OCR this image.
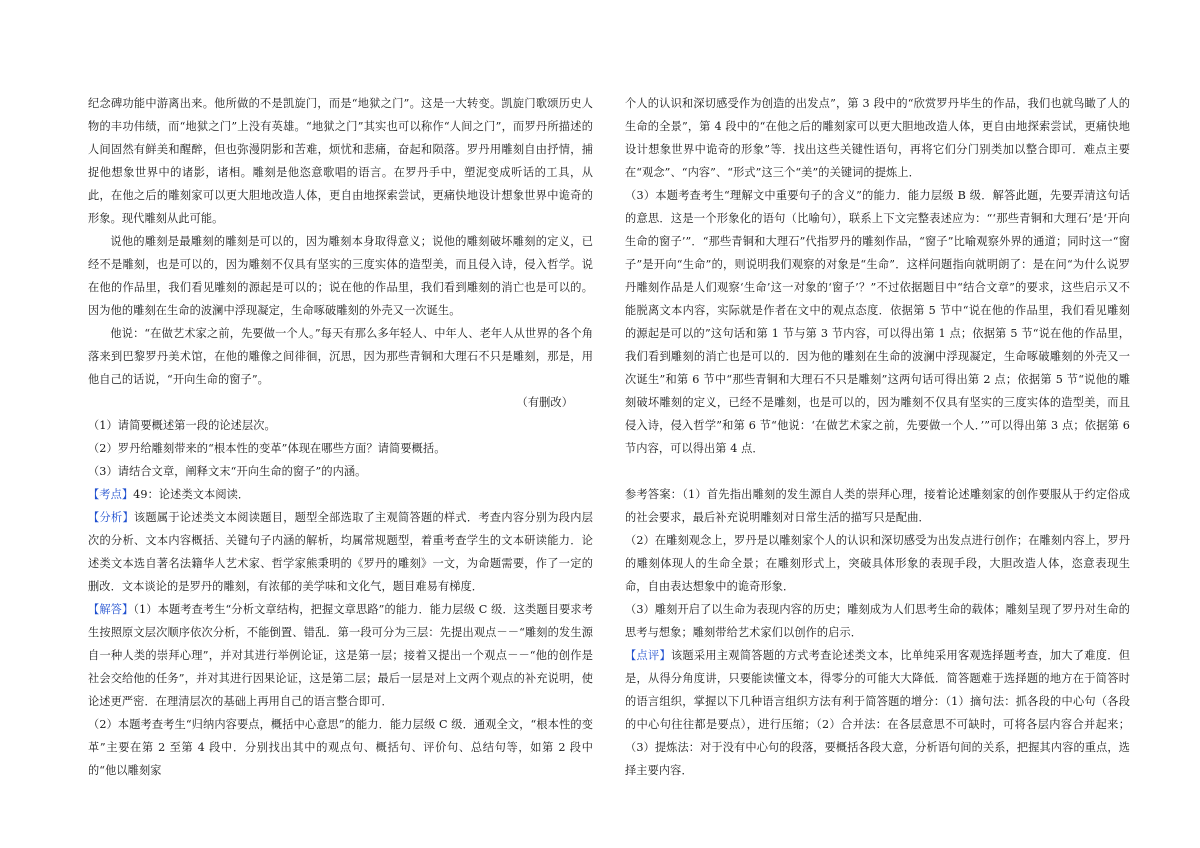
纪念碑功能中游离出来。他所做的不是凯旋门，而是“地狱之门”。这是一大转变。凯旋门歌颂历史人物的丰功伟绩，而“地狱之门”上没有英雄。“地狱之门”其实也可以称作“人间之门”，而罗丹所描述的人间固然有鲜美和醒醉，但也弥漫阴影和苦难，烦忧和悲痛，奋起和陨落。罗丹用雕刻自由抒情，捕捉他想象世界中的诸影，诸相。雕刻是他恣意歌唱的语言。在罗丹手中，塑泥变成听话的工具，从此，在他之后的雕刻家可以更大胆地改造人体，更自由地探索尝试，更痛快地设计想象世界中诡奇的形象。现代雕刻从此可能。

说他的雕刻是最雕刻的雕刻是可以的，因为雕刻本身取得意义；说他的雕刻破坏雕刻的定义，已经不是雕刻，也是可以的，因为雕刻不仅具有坚实的三度实体的造型美，而且侵入诗，侵入哲学。说在他的作品里，我们看见雕刻的源起是可以的；说在他的作品里，我们看到雕刻的消亡也是可以的。因为他的雕刻在生命的波澜中浮现凝定，生命啄破雕刻的外壳又一次诞生。

他说：“在做艺术家之前，先要做一个人。”每天有那么多年轻人、中年人、老年人从世界的各个角落来到巴黎罗丹美术馆，在他的雕像之间徘徊，沉思，因为那些青铜和大理石不只是雕刻，那是，用他自己的话说，“开向生命的窗子”。

（有删改）

（1）请简要概述第一段的论述层次。

（2）罗丹给雕刻带来的“根本性的变革”体现在哪些方面？请简要概括。

（3）请结合文章，阐释文末“开向生命的窗子”的内涵。

【考点】49：论述类文本阅读．

【分析】该题属于论述类文本阅读题目，题型全部选取了主观简答题的样式．考查内容分别为段内层次的分析、文本内容概括、关键句子内涵的解析，均属常规题型，着重考查学生的文本研读能力．论述类文本选自著名法籍华人艺术家、哲学家熊秉明的《罗丹的雕刻》一文，为命题需要，作了一定的删改．文本谈论的是罗丹的雕刻，有浓郁的美学味和文化气，题目难易有梯度．

【解答】（1）本题考查考生“分析文章结构，把握文章思路”的能力．能力层级 C 级．这类题目要求考生按照原文层次顺序依次分析，不能倒置、错乱．第一段可分为三层：先提出观点－－“雕刻的发生源自一种人类的崇拜心理”，并对其进行举例论证，这是第一层；接着又提出一个观点－－“他的创作是社会交给他的任务”，并对其进行因果论证，这是第二层；最后一层是对上文两个观点的补充说明，使论述更严密．在理清层次的基础上再用自己的语言整合即可．

（2）本题考查考生“归纳内容要点，概括中心意思”的能力．能力层级 C 级．通观全文，“根本性的变革”主要在第 2 至第 4 段中．分别找出其中的观点句、概括句、评价句、总结句等，如第 2 段中的“他以雕刻家

个人的认识和深切感受作为创造的出发点”，第 3 段中的“欣赏罗丹毕生的作品，我们也就鸟瞰了人的生命的全景”，第 4 段中的“在他之后的雕刻家可以更大胆地改造人体，更自由地探索尝试，更痛快地设计想象世界中诡奇的形象”等．找出这些关键性语句，再将它们分门别类加以整合即可．难点主要在“观念”、“内容”、“形式”这三个“美”的关键词的提炼上．

（3）本题考查考生“理解文中重要句子的含义”的能力．能力层级 B 级．解答此题，先要弄清这句话的意思．这是一个形象化的语句（比喻句），联系上下文完整表述应为：“‘那些青铜和大理石’是‘开向生命的窗子’”．“那些青铜和大理石”代指罗丹的雕刻作品，“窗子”比喻观察外界的通道；同时这一“窗子”是开向“生命”的，则说明我们观察的对象是“生命”．这样问题指向就明朗了：是在问“为什么说罗丹雕刻作品是人们观察‘生命’这一对象的‘窗子’？”不过依据题目中“结合文章”的要求，这些启示又不能脱离文本内容，实际就是作者在文中的观点态度．依据第 5 节中“说在他的作品里，我们看见雕刻的源起是可以的”这句话和第 1 节与第 3 节内容，可以得出第 1 点；依据第 5 节“说在他的作品里，我们看到雕刻的消亡也是可以的．因为他的雕刻在生命的波澜中浮现凝定，生命啄破雕刻的外壳又一次诞生”和第 6 节中“那些青铜和大理石不只是雕刻”这两句话可得出第 2 点；依据第 5 节“说他的雕刻破坏雕刻的定义，已经不是雕刻，也是可以的，因为雕刻不仅具有坚实的三度实体的造型美，而且侵入诗，侵入哲学”和第 6 节“他说：‘在做艺术家之前，先要做一个人．’”可以得出第 3 点；依据第 6 节内容，可以得出第 4 点．

参考答案：（1）首先指出雕刻的发生源自人类的崇拜心理，接着论述雕刻家的创作要服从于约定俗成的社会要求，最后补充说明雕刻对日常生活的描写只是配曲．

（2）在雕刻观念上，罗丹是以雕刻家个人的认识和深切感受为出发点进行创作；在雕刻内容上，罗丹的雕刻体现人的生命全景；在雕刻形式上，突破具体形象的表现手段，大胆改造人体，恣意表现生命，自由表达想象中的诡奇形象．

（3）雕刻开启了以生命为表现内容的历史；雕刻成为人们思考生命的载体；雕刻呈现了罗丹对生命的思考与想象；雕刻带给艺术家们以创作的启示．

【点评】该题采用主观简答题的方式考查论述类文本，比单纯采用客观选择题考查，加大了难度．但是，从得分角度讲，只要能读懂文本，得零分的可能大大降低．简答题难于选择题的地方在于简答时的语言组织，掌握以下几种语言组织方法有利于简答题的增分：（1）摘句法：抓各段的中心句（各段的中心句往往都是要点），进行压缩；（2）合并法：在各层意思不可缺时，可将各层内容合并起来；（3）提炼法：对于没有中心句的段落，要概括各段大意，分析语句间的关系，把握其内容的重点，选择主要内容．
